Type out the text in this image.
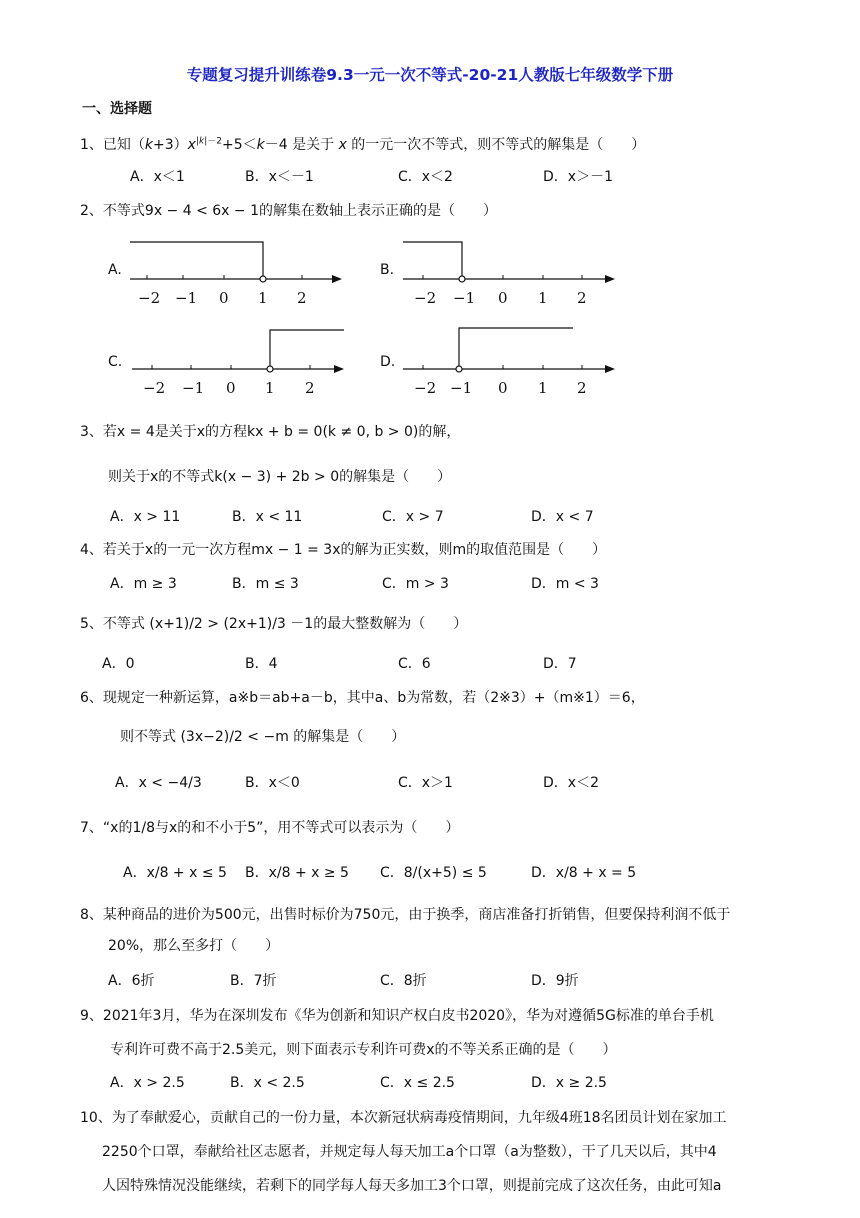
专题复习提升训练卷9.3一元一次不等式-20-21人教版七年级数学下册
一、选择题
1、已知$(k+3)x^{|k|-2}+5<k-4$ 是关于 x 的一元一次不等式，则不等式的解集是（　　）
A．x＜1	B．x＜－1	C．x＜2	D．x＞－1
2、不等式9x − 4 < 6x − 1的解集在数轴上表示正确的是（　　）
A.	B.
C.	D.
−2 −1 0 1 2	−2 −1 0 1 2
−2 −1 0 1 2	−2 −1 0 1 2
3、若x = 4是关于x的方程kx + b = 0(k ≠ 0, b > 0)的解，
则关于x的不等式k(x − 3) + 2b > 0的解集是（　　）
A．x > 11	B．x < 11	C．x > 7	D．x < 7
4、若关于x的一元一次方程mx − 1 = 3x的解为正实数，则m的取值范围是（　　）
A．m ≥ 3	B．m ≤ 3	C．m > 3	D．m < 3
5、不等式 (x+1)/2 > (2x+1)/3 －1的最大整数解为（　　）
A．0	B．4	C．6	D．7
6、现规定一种新运算，a※b＝ab+a－b，其中a、b为常数，若（2※3）+（m※1）＝6，
则不等式 (3x−2)/2 < −m 的解集是（　　）
A．x < −4/3	B．x＜0	C．x＞1	D．x＜2
7、“x的1/8与x的和不小于5”，用不等式可以表示为（　　）
A．x/8 + x ≤ 5 B．x/8 + x ≥ 5 C．8/(x+5) ≤ 5	D．x/8 + x = 5
8、某种商品的进价为500元，出售时标价为750元，由于换季，商店准备打折销售，但要保持利润不低于
20%，那么至多打（　　）
A．6折	B．7折	C．8折	D．9折
9、2021年3月，华为在深圳发布《华为创新和知识产权白皮书2020》，华为对遵循5G标准的单台手机
专利许可费不高于2.5美元，则下面表示专利许可费x的不等关系正确的是（　　）
A．x > 2.5	B．x < 2.5	C．x ≤ 2.5	D．x ≥ 2.5
10、为了奉献爱心，贡献自己的一份力量，本次新冠状病毒疫情期间，九年级4班18名团员计划在家加工
2250个口罩，奉献给社区志愿者，并规定每人每天加工a个口罩（a为整数），干了几天以后，其中4
人因特殊情况没能继续，若剩下的同学每人每天多加工3个口罩，则提前完成了这次任务，由此可知a
